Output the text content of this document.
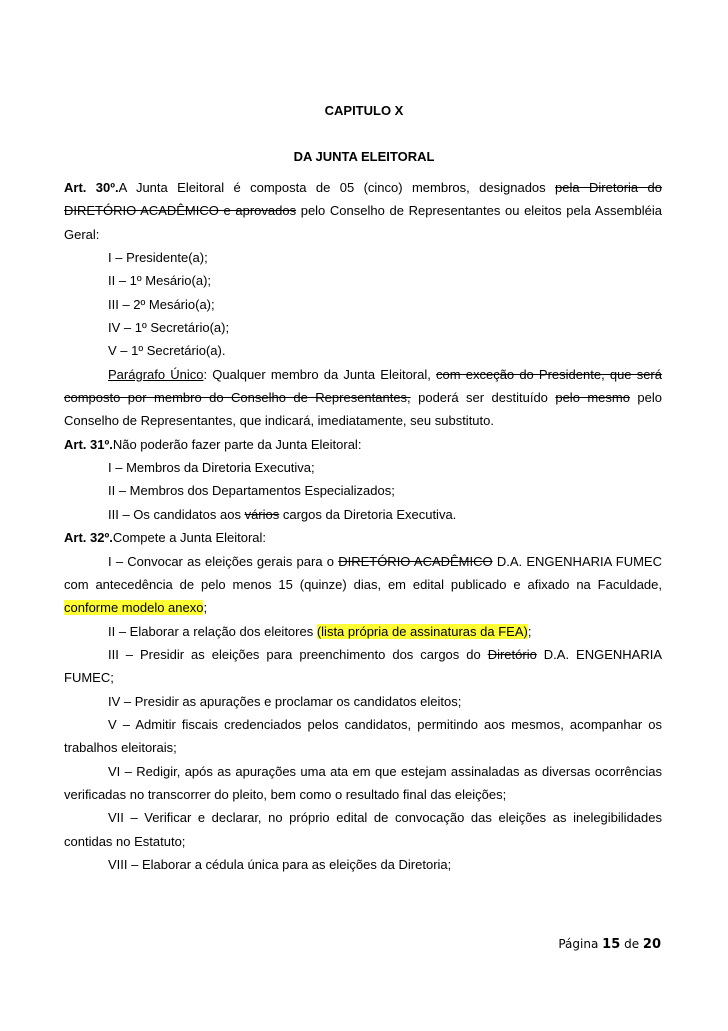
CAPITULO X
DA JUNTA ELEITORAL

Art. 30º.A Junta Eleitoral é composta de 05 (cinco) membros, designados pela Diretoria do DIRETÓRIO ACADÊMICO e aprovados pelo Conselho de Representantes ou eleitos pela Assembléia Geral:

I – Presidente(a);

II – 1º Mesário(a);

III – 2º Mesário(a);

IV – 1º Secretário(a);

V – 1º Secretário(a).

Parágrafo Único: Qualquer membro da Junta Eleitoral, com exceção do Presidente, que será composto por membro do Conselho de Representantes, poderá ser destituído pelo mesmo pelo Conselho de Representantes, que indicará, imediatamente, seu substituto.

Art. 31º.Não poderão fazer parte da Junta Eleitoral:

I – Membros da Diretoria Executiva;

II – Membros dos Departamentos Especializados;

III – Os candidatos aos vários cargos da Diretoria Executiva.

Art. 32º.Compete a Junta Eleitoral:

I – Convocar as eleições gerais para o DIRETÓRIO ACADÊMICO D.A. ENGENHARIA FUMEC com antecedência de pelo menos 15 (quinze) dias, em edital publicado e afixado na Faculdade, conforme modelo anexo;

II – Elaborar a relação dos eleitores (lista própria de assinaturas da FEA);

III – Presidir as eleições para preenchimento dos cargos do Diretório D.A. ENGENHARIA FUMEC;

IV – Presidir as apurações e proclamar os candidatos eleitos;

V – Admitir fiscais credenciados pelos candidatos, permitindo aos mesmos, acompanhar os trabalhos eleitorais;

VI – Redigir, após as apurações uma ata em que estejam assinaladas as diversas ocorrências verificadas no transcorrer do pleito, bem como o resultado final das eleições;

VII – Verificar e declarar, no próprio edital de convocação das eleições as inelegibilidades contidas no Estatuto;

VIII – Elaborar a cédula única para as eleições da Diretoria;

Página 15 de 20
